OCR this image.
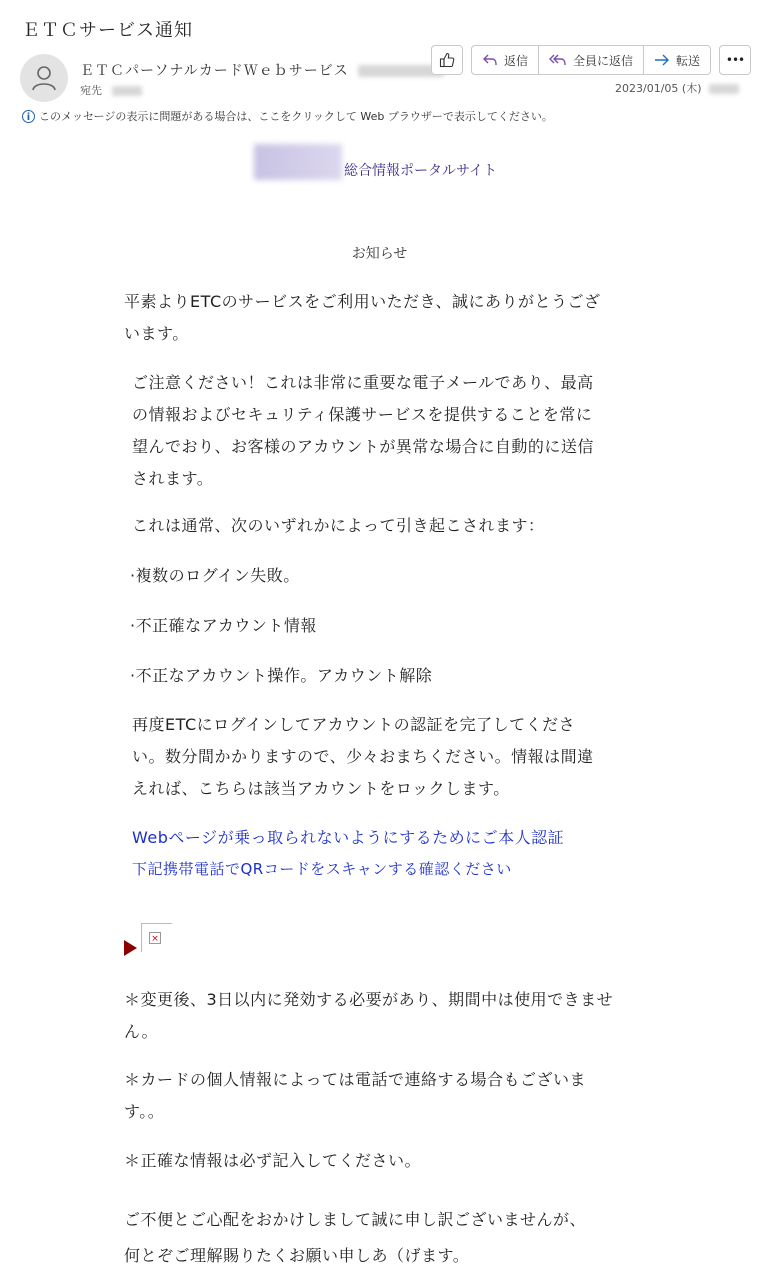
ＥＴＣサービス通知
ＥＴＣパーソナルカードＷｅｂサービス
宛先
返信	全員に返信	転送 •••
2023/01/05 (木)
i このメッセージの表示に問題がある場合は、ここをクリックして Web ブラウザーで表示してください。
総合情報ポータルサイト
お知らせ
平素よりETCのサービスをご利用いただき、誠にありがとうございます。
ご注意ください！これは非常に重要な電子メールであり、最高の情報およびセキュリティ保護サービスを提供することを常に望んでおり、お客様のアカウントが異常な場合に自動的に送信されます。
これは通常、次のいずれかによって引き起こされます：
·複数のログイン失敗。
·不正確なアカウント情報
·不正なアカウント操作。アカウント解除
再度ETCにログインしてアカウントの認証を完了してください。数分間かかりますので、少々おまちください。情報は間違えれば、こちらは該当アカウントをロックします。
Webページが乗っ取られないようにするためにご本人認証
下記携帯電話でQRコードをスキャンする確認ください
×
＊変更後、3日以内に発効する必要があり、期間中は使用できません。
＊カードの個人情報によっては電話で連絡する場合もございます。。
＊正確な情報は必ず記入してください。
ご不便とご心配をおかけしまして誠に申し訳ございませんが、何とぞご理解賜りたくお願い申しあ（げます。
